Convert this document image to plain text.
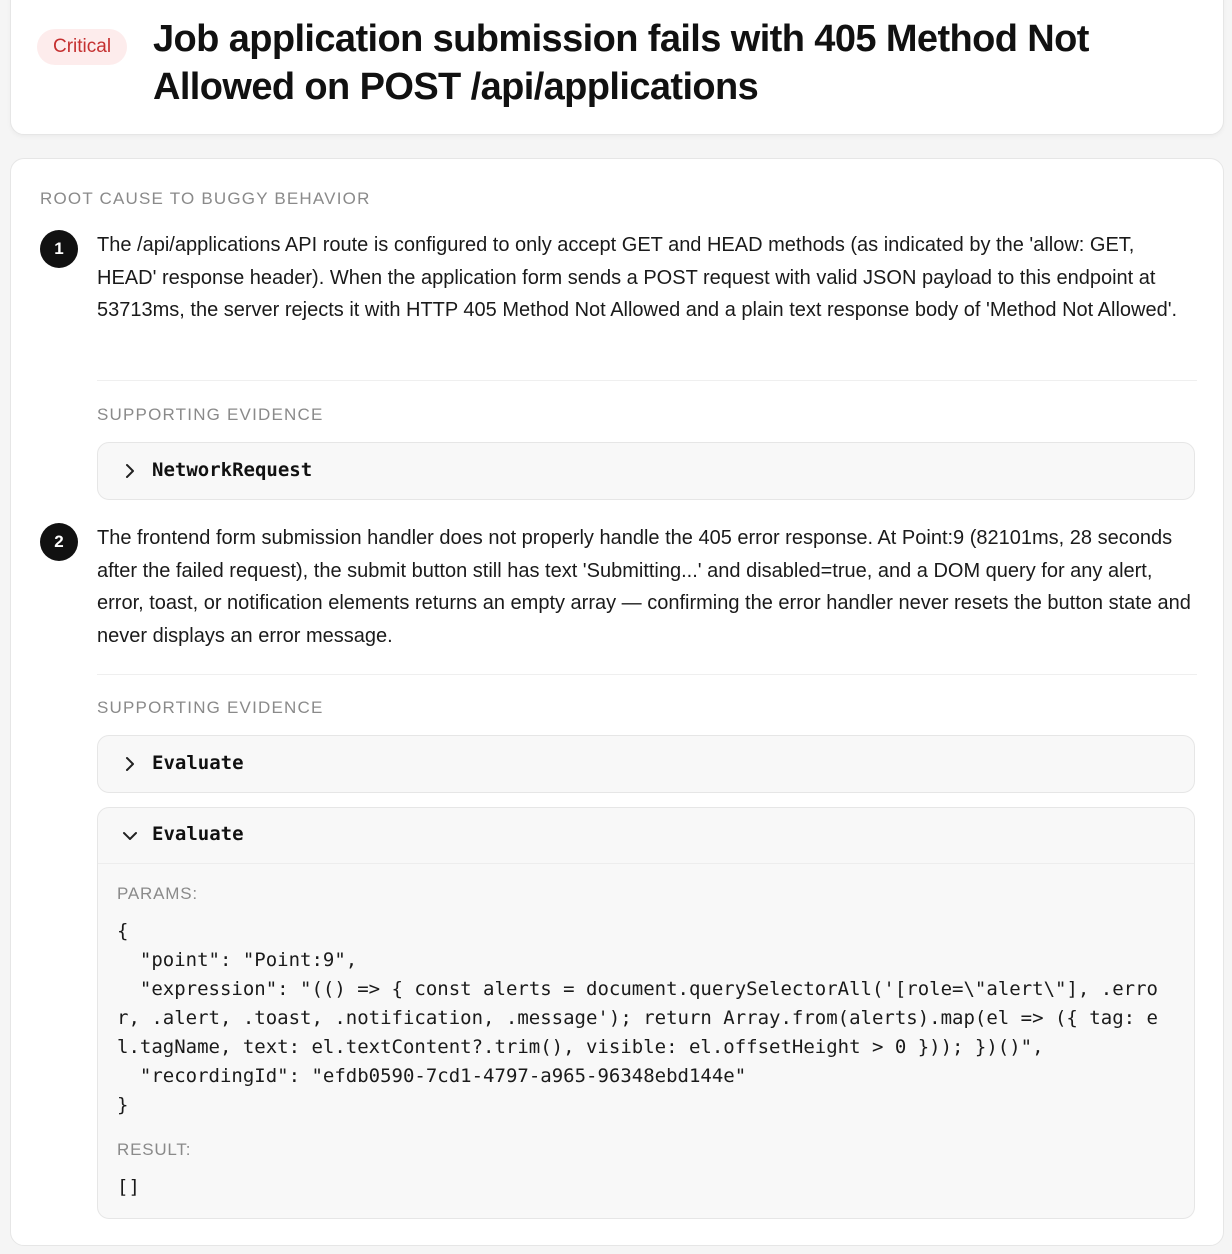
Critical	Job application submission fails with 405 Method Not Allowed on POST /api/applications
ROOT CAUSE TO BUGGY BEHAVIOR
1	The /api/applications API route is configured to only accept GET and HEAD methods (as indicated by the 'allow: GET, HEAD' response header). When the application form sends a POST request with valid JSON payload to this endpoint at 53713ms, the server rejects it with HTTP 405 Method Not Allowed and a plain text response body of 'Method Not Allowed'.

SUPPORTING EVIDENCE
NetworkRequest
2	The frontend form submission handler does not properly handle the 405 error response. At Point:9 (82101ms, 28 seconds after the failed request), the submit button still has text 'Submitting...' and disabled=true, and a DOM query for any alert, error, toast, or notification elements returns an empty array — confirming the error handler never resets the button state and never displays an error message.

SUPPORTING EVIDENCE
Evaluate
Evaluate
PARAMS:
{
"point": "Point:9",
"expression": "(() => { const alerts = document.querySelectorAll('[role=\"alert\"], .error, .alert, .toast, .notification, .message'); return Array.from(alerts).map(el => ({ tag: el.tagName, text: el.textContent?.trim(), visible: el.offsetHeight > 0 })); })()",
"recordingId": "efdb0590-7cd1-4797-a965-96348ebd144e"
}
RESULT:
[]
